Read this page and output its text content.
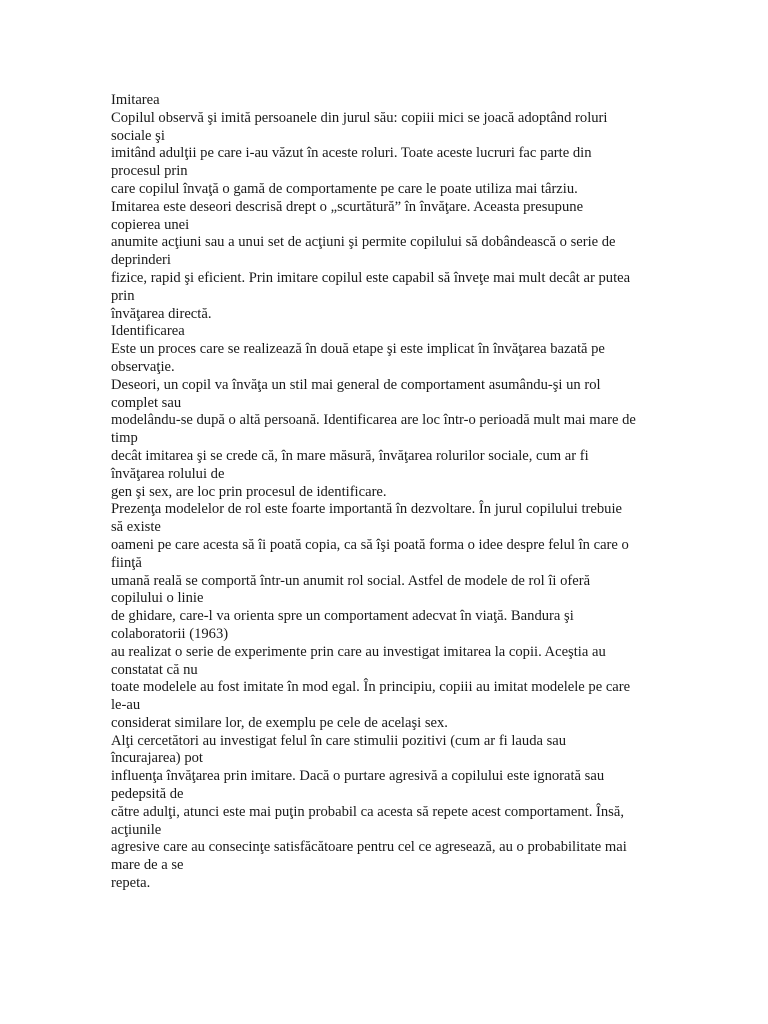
Imitarea
Copilul observă şi imită persoanele din jurul său: copiii mici se joacă adoptând roluri
sociale şi
imitând adulţii pe care i-au văzut în aceste roluri. Toate aceste lucruri fac parte din
procesul prin
care copilul învaţă o gamă de comportamente pe care le poate utiliza mai târziu.
Imitarea este deseori descrisă drept o „scurtătură” în învăţare. Aceasta presupune
copierea unei
anumite acţiuni sau a unui set de acţiuni şi permite copilului să dobândească o serie de
deprinderi
fizice, rapid şi eficient. Prin imitare copilul este capabil să înveţe mai mult decât ar putea
prin
învăţarea directă.
Identificarea
Este un proces care se realizează în două etape şi este implicat în învăţarea bazată pe
observaţie.
Deseori, un copil va învăţa un stil mai general de comportament asumându-şi un rol
complet sau
modelându-se după o altă persoană. Identificarea are loc într-o perioadă mult mai mare de
timp
decât imitarea şi se crede că, în mare măsură, învăţarea rolurilor sociale, cum ar fi
învăţarea rolului de
gen şi sex, are loc prin procesul de identificare.
Prezenţa modelelor de rol este foarte importantă în dezvoltare. În jurul copilului trebuie
să existe
oameni pe care acesta să îi poată copia, ca să îşi poată forma o idee despre felul în care o
fiinţă
umană reală se comportă într-un anumit rol social. Astfel de modele de rol îi oferă
copilului o linie
de ghidare, care-l va orienta spre un comportament adecvat în viaţă. Bandura şi
colaboratorii (1963)
au realizat o serie de experimente prin care au investigat imitarea la copii. Aceştia au
constatat că nu
toate modelele au fost imitate în mod egal. În principiu, copiii au imitat modelele pe care
le-au
considerat similare lor, de exemplu pe cele de acelaşi sex.
Alţi cercetători au investigat felul în care stimulii pozitivi (cum ar fi lauda sau
încurajarea) pot
influenţa învăţarea prin imitare. Dacă o purtare agresivă a copilului este ignorată sau
pedepsită de
către adulţi, atunci este mai puţin probabil ca acesta să repete acest comportament. Însă,
acţiunile
agresive care au consecinţe satisfăcătoare pentru cel ce agresează, au o probabilitate mai
mare de a se
repeta.
